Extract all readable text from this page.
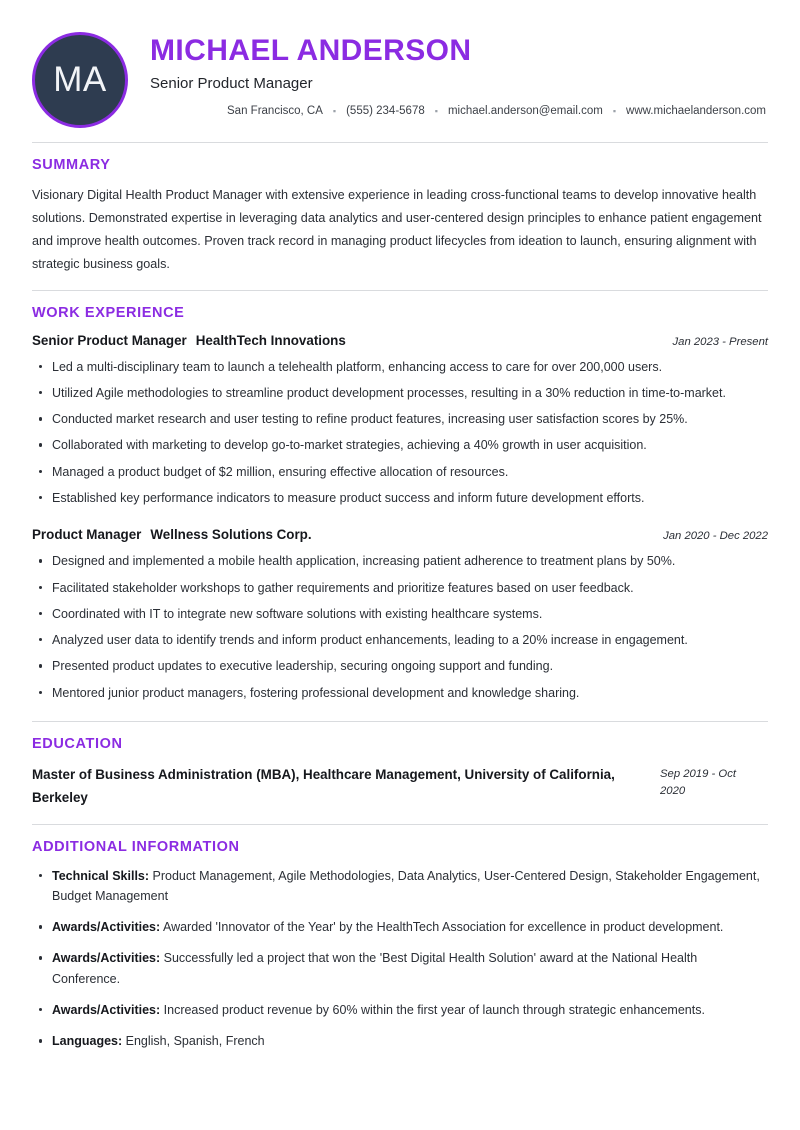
MA
MICHAEL ANDERSON
Senior Product Manager
San Francisco, CA	▪ (555) 234-5678	▪ michael.anderson@email.com	▪ www.michaelanderson.com
SUMMARY

Visionary Digital Health Product Manager with extensive experience in leading cross-functional teams to develop innovative health solutions. Demonstrated expertise in leveraging data analytics and user-centered design principles to enhance patient engagement and improve health outcomes. Proven track record in managing product lifecycles from ideation to launch, ensuring alignment with strategic business goals.

WORK EXPERIENCE
Senior Product Manager HealthTech Innovations	Jan 2023 - Present
Led a multi-disciplinary team to launch a telehealth platform, enhancing access to care for over 200,000 users.
Utilized Agile methodologies to streamline product development processes, resulting in a 30% reduction in time-to-market.
Conducted market research and user testing to refine product features, increasing user satisfaction scores by 25%.
Collaborated with marketing to develop go-to-market strategies, achieving a 40% growth in user acquisition.
Managed a product budget of $2 million, ensuring effective allocation of resources.
Established key performance indicators to measure product success and inform future development efforts.
Product Manager Wellness Solutions Corp.	Jan 2020 - Dec 2022
Designed and implemented a mobile health application, increasing patient adherence to treatment plans by 50%.
Facilitated stakeholder workshops to gather requirements and prioritize features based on user feedback.
Coordinated with IT to integrate new software solutions with existing healthcare systems.
Analyzed user data to identify trends and inform product enhancements, leading to a 20% increase in engagement.
Presented product updates to executive leadership, securing ongoing support and funding.
Mentored junior product managers, fostering professional development and knowledge sharing.
EDUCATION
Master of Business Administration (MBA), Healthcare Management, University of California, Berkeley
Sep 2019 - Oct 2020
ADDITIONAL INFORMATION
Technical Skills: Product Management, Agile Methodologies, Data Analytics, User-Centered Design, Stakeholder Engagement, Budget Management
Awards/Activities: Awarded 'Innovator of the Year' by the HealthTech Association for excellence in product development.
Awards/Activities: Successfully led a project that won the 'Best Digital Health Solution' award at the National Health Conference.
Awards/Activities: Increased product revenue by 60% within the first year of launch through strategic enhancements.
Languages: English, Spanish, French
